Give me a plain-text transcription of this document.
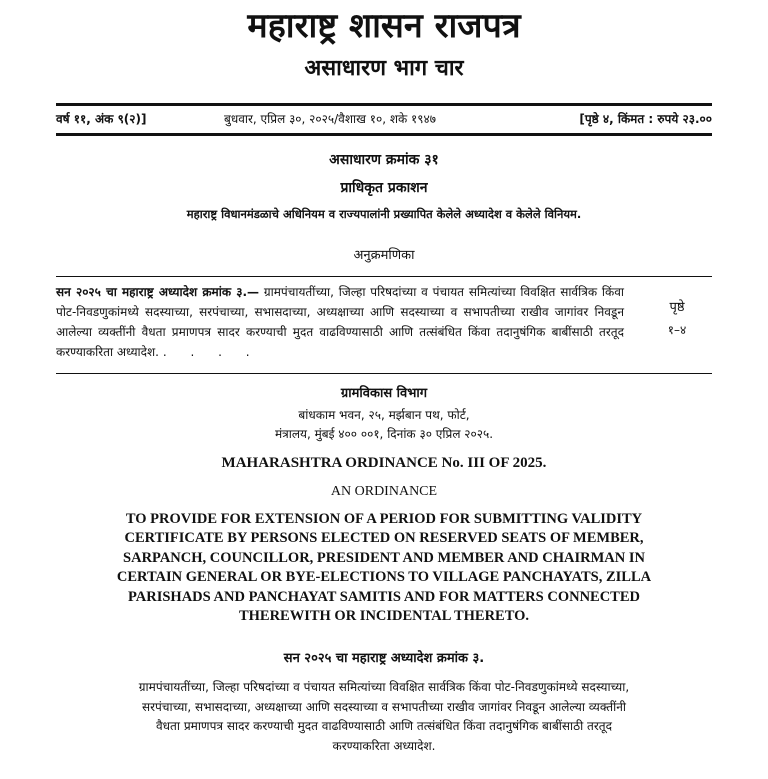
महाराष्ट्र शासन राजपत्र
असाधारण भाग चार
वर्ष ११, अंक ९(२)]	बुधवार, एप्रिल ३०, २०२५/वैशाख १०, शके १९४७	[पृष्ठे ४, किंमत : रुपये २३.००
असाधारण क्रमांक ३१
प्राधिकृत प्रकाशन
महाराष्ट्र विधानमंडळाचे अधिनियम व राज्यपालांनी प्रख्यापित केलेले अध्यादेश व केलेले विनियम.
अनुक्रमणिका
सन २०२५ चा महाराष्ट्र अध्यादेश क्रमांक ३.— ग्रामपंचायतींच्या, जिल्हा परिषदांच्या व पंचायत समित्यांच्या विवक्षित सार्वत्रिक किंवा पोट-निवडणुकांमध्ये सदस्याच्या, सरपंचाच्या, सभासदाच्या, अध्यक्षाच्या आणि सदस्याच्या व सभापतीच्या राखीव जागांवर निवडून आलेल्या व्यक्तींनी वैधता प्रमाणपत्र सादर करण्याची मुदत वाढविण्यासाठी आणि तत्संबंधित किंवा तदानुषंगिक बाबींसाठी तरतूद करण्याकरिता अध्यादेश. . . . .
पृष्ठे
१–४
ग्रामविकास विभाग
बांधकाम भवन, २५, मर्झबान पथ, फोर्ट,
मंत्रालय, मुंबई ४०० ००१, दिनांक ३० एप्रिल २०२५.
MAHARASHTRA ORDINANCE No. III OF 2025.
AN ORDINANCE
TO PROVIDE FOR EXTENSION OF A PERIOD FOR SUBMITTING VALIDITY CERTIFICATE BY PERSONS ELECTED ON RESERVED SEATS OF MEMBER, SARPANCH, COUNCILLOR, PRESIDENT AND MEMBER AND CHAIRMAN IN CERTAIN GENERAL OR BYE-ELECTIONS TO VILLAGE PANCHAYATS, ZILLA PARISHADS AND PANCHAYAT SAMITIS AND FOR MATTERS CONNECTED THEREWITH OR INCIDENTAL THERETO.
सन २०२५ चा महाराष्ट्र अध्यादेश क्रमांक ३.
ग्रामपंचायतींच्या, जिल्हा परिषदांच्या व पंचायत समित्यांच्या विवक्षित सार्वत्रिक किंवा पोट-निवडणुकांमध्ये सदस्याच्या, सरपंचाच्या, सभासदाच्या, अध्यक्षाच्या आणि सदस्याच्या व सभापतीच्या राखीव जागांवर निवडून आलेल्या व्यक्तींनी वैधता प्रमाणपत्र सादर करण्याची मुदत वाढविण्यासाठी आणि तत्संबंधित किंवा तदानुषंगिक बाबींसाठी तरतूद करण्याकरिता अध्यादेश.
